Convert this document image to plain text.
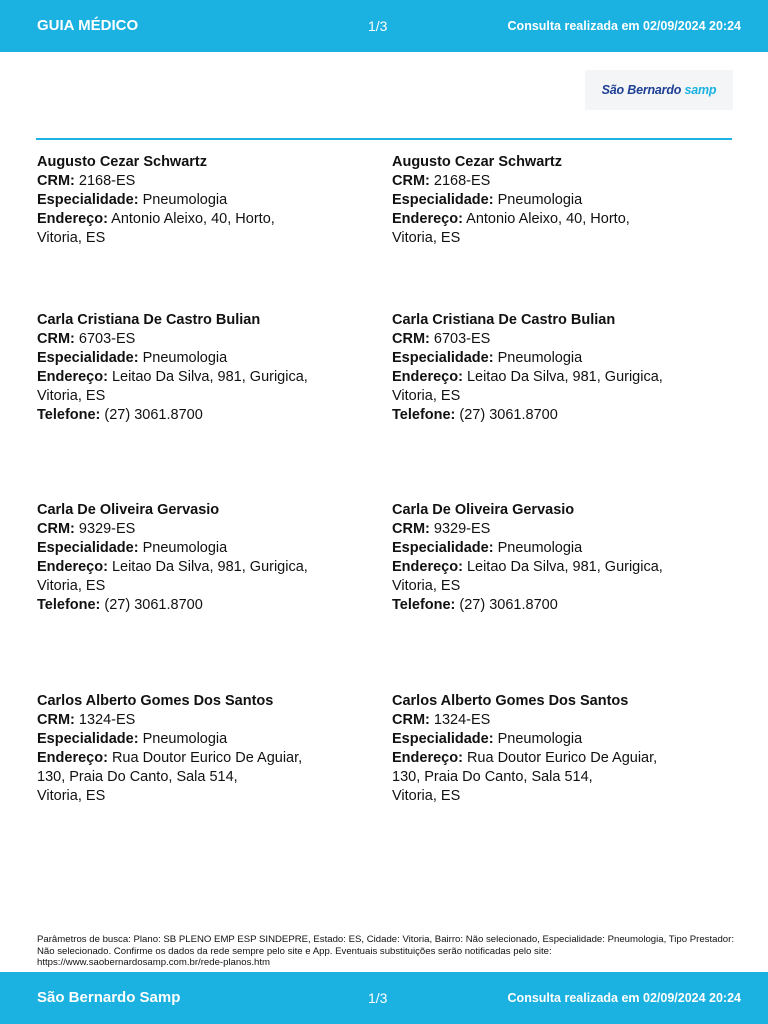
GUIA MÉDICO	1/3	Consulta realizada em 02/09/2024 20:24
São Bernardo samp
Augusto Cezar Schwartz
CRM: 2168-ES
Especialidade: Pneumologia
Endereço: Antonio Aleixo, 40, Horto,
Vitoria, ES
Augusto Cezar Schwartz
CRM: 2168-ES
Especialidade: Pneumologia
Endereço: Antonio Aleixo, 40, Horto,
Vitoria, ES
Carla Cristiana De Castro Bulian
CRM: 6703-ES
Especialidade: Pneumologia
Endereço: Leitao Da Silva, 981, Gurigica,
Vitoria, ES
Telefone: (27) 3061.8700
Carla Cristiana De Castro Bulian
CRM: 6703-ES
Especialidade: Pneumologia
Endereço: Leitao Da Silva, 981, Gurigica,
Vitoria, ES
Telefone: (27) 3061.8700
Carla De Oliveira Gervasio
CRM: 9329-ES
Especialidade: Pneumologia
Endereço: Leitao Da Silva, 981, Gurigica,
Vitoria, ES
Telefone: (27) 3061.8700
Carla De Oliveira Gervasio
CRM: 9329-ES
Especialidade: Pneumologia
Endereço: Leitao Da Silva, 981, Gurigica,
Vitoria, ES
Telefone: (27) 3061.8700
Carlos Alberto Gomes Dos Santos
CRM: 1324-ES
Especialidade: Pneumologia
Endereço: Rua Doutor Eurico De Aguiar,
130, Praia Do Canto, Sala 514,
Vitoria, ES
Carlos Alberto Gomes Dos Santos
CRM: 1324-ES
Especialidade: Pneumologia
Endereço: Rua Doutor Eurico De Aguiar,
130, Praia Do Canto, Sala 514,
Vitoria, ES
Parâmetros de busca: Plano: SB PLENO EMP ESP SINDEPRE, Estado: ES, Cidade: Vitoria, Bairro: Não selecionado, Especialidade: Pneumologia, Tipo Prestador: Não selecionado. Confirme os dados da rede sempre pelo site e App. Eventuais substituições serão notificadas pelo site: https://www.saobernardosamp.com.br/rede-planos.htm
São Bernardo Samp	1/3	Consulta realizada em 02/09/2024 20:24
